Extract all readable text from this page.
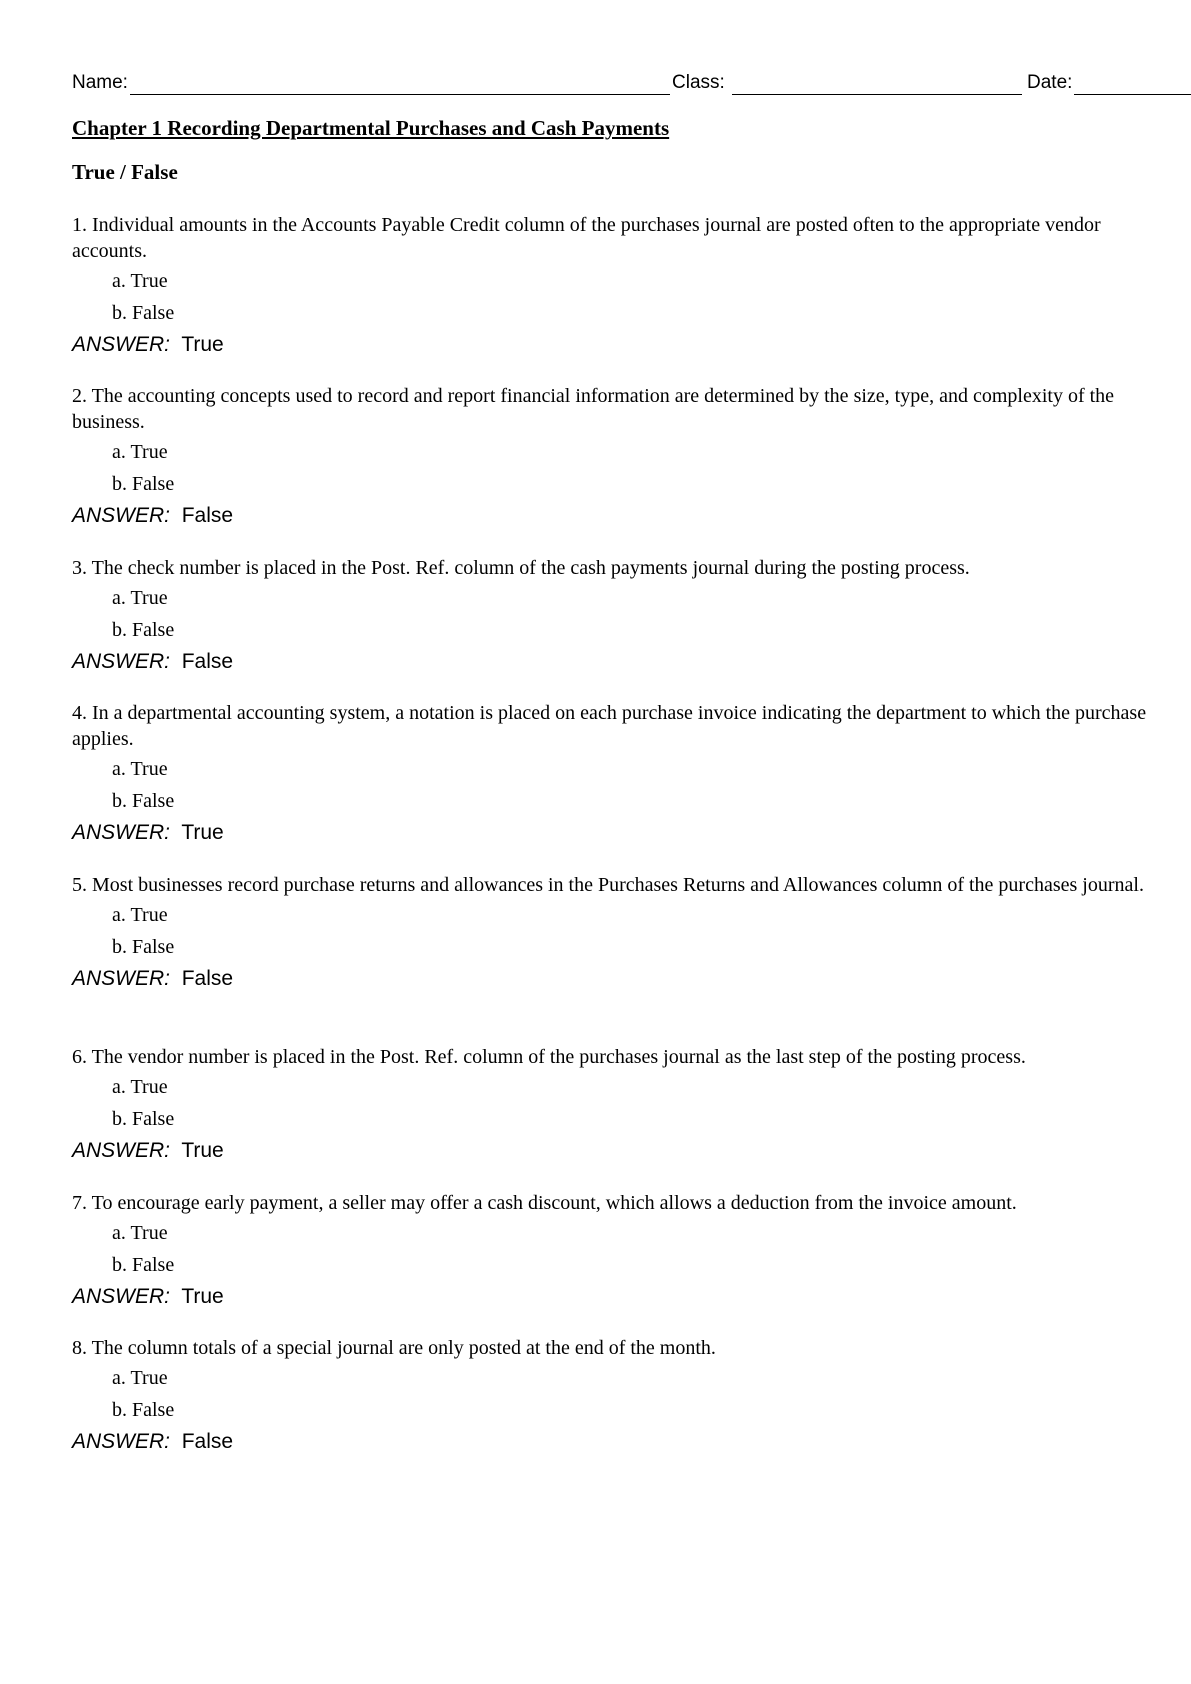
Name:	Class:	Date:
Chapter 1 Recording Departmental Purchases and Cash Payments
True / False

1. Individual amounts in the Accounts Payable Credit column of the purchases journal are posted often to the appropriate vendor accounts.

a. True
b. False
ANSWER: True

2. The accounting concepts used to record and report financial information are determined by the size, type, and complexity of the business.

a. True
b. False
ANSWER: False

3. The check number is placed in the Post. Ref. column of the cash payments journal during the posting process.

a. True
b. False
ANSWER: False

4. In a departmental accounting system, a notation is placed on each purchase invoice indicating the department to which the purchase applies.

a. True
b. False
ANSWER: True

5. Most businesses record purchase returns and allowances in the Purchases Returns and Allowances column of the purchases journal.

a. True
b. False
ANSWER: False

6. The vendor number is placed in the Post. Ref. column of the purchases journal as the last step of the posting process.

a. True
b. False
ANSWER: True

7. To encourage early payment, a seller may offer a cash discount, which allows a deduction from the invoice amount.

a. True
b. False
ANSWER: True

8. The column totals of a special journal are only posted at the end of the month.

a. True
b. False
ANSWER: False
